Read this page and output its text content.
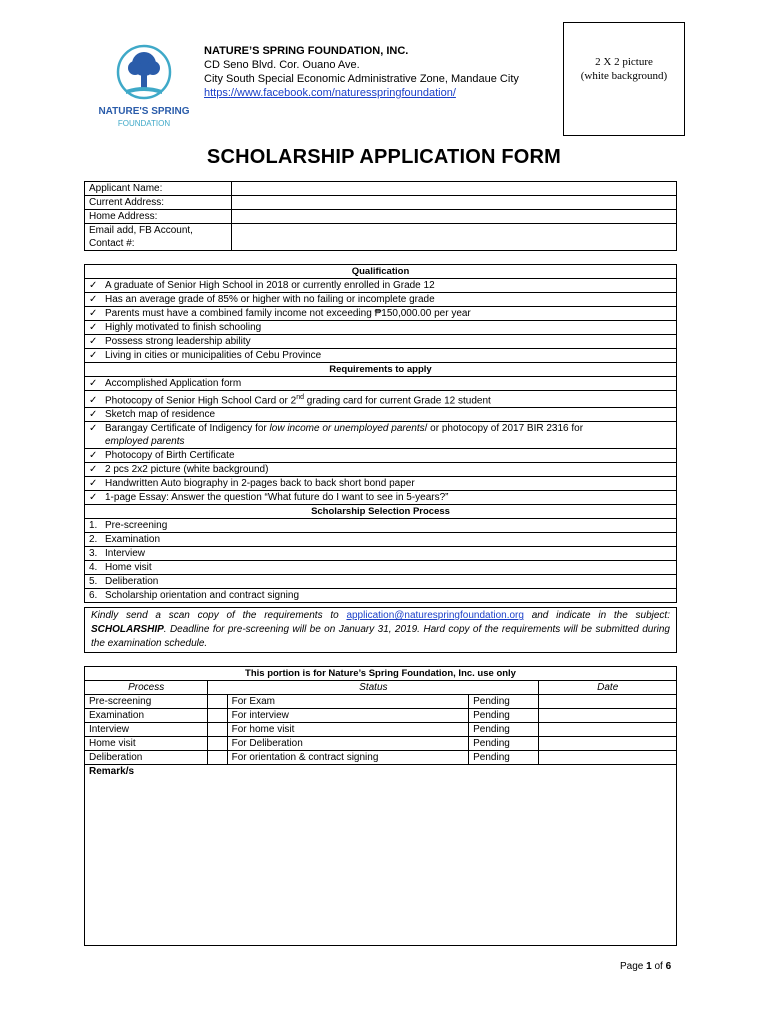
NATURE'S SPRING
FOUNDATION
NATURE’S SPRING FOUNDATION, INC.
CD Seno Blvd. Cor. Ouano Ave.
City South Special Economic Administrative Zone, Mandaue City
https://www.facebook.com/naturesspringfoundation/
2 X 2 picture
(white background)
SCHOLARSHIP APPLICATION FORM
Applicant Name:	
Current Address:	
Home Address:	

Email add, FB Account,
Contact #:	

Qualification
✓ A graduate of Senior High School in 2018 or currently enrolled in Grade 12
✓ Has an average grade of 85% or higher with no failing or incomplete grade
✓ Parents must have a combined family income not exceeding ₱150,000.00 per year
✓ Highly motivated to finish schooling
✓ Possess strong leadership ability
✓ Living in cities or municipalities of Cebu Province
Requirements to apply
✓ Accomplished Application form
✓ Photocopy of Senior High School Card or 2nd grading card for current Grade 12 student
✓ Sketch map of residence
✓ Barangay Certificate of Indigency for low income or unemployed parents/ or photocopy of 2017 BIR 2316 for
employed parents
✓ Photocopy of Birth Certificate
✓ 2 pcs 2x2 picture (white background)
✓ Handwritten Auto biography in 2-pages back to back short bond paper
✓ 1-page Essay: Answer the question “What future do I want to see in 5-years?”
Scholarship Selection Process
1. Pre-screening
2. Examination
3. Interview
4. Home visit
5. Deliberation
6. Scholarship orientation and contract signing
Kindly send a scan copy of the requirements to application@naturespringfoundation.org and indicate in the subject: SCHOLARSHIP. Deadline for pre-screening will be on January 31, 2019. Hard copy of the requirements will be submitted during the examination schedule.
This portion is for Nature’s Spring Foundation, Inc. use only				
Process	Status			Date
Pre-screening		For Exam	Pending	
Examination		For interview	Pending	
Interview		For home visit	Pending	
Home visit		For Deliberation	Pending	
Deliberation		For orientation & contract signing	Pending	
Remark/s				
Page 1 of 6
